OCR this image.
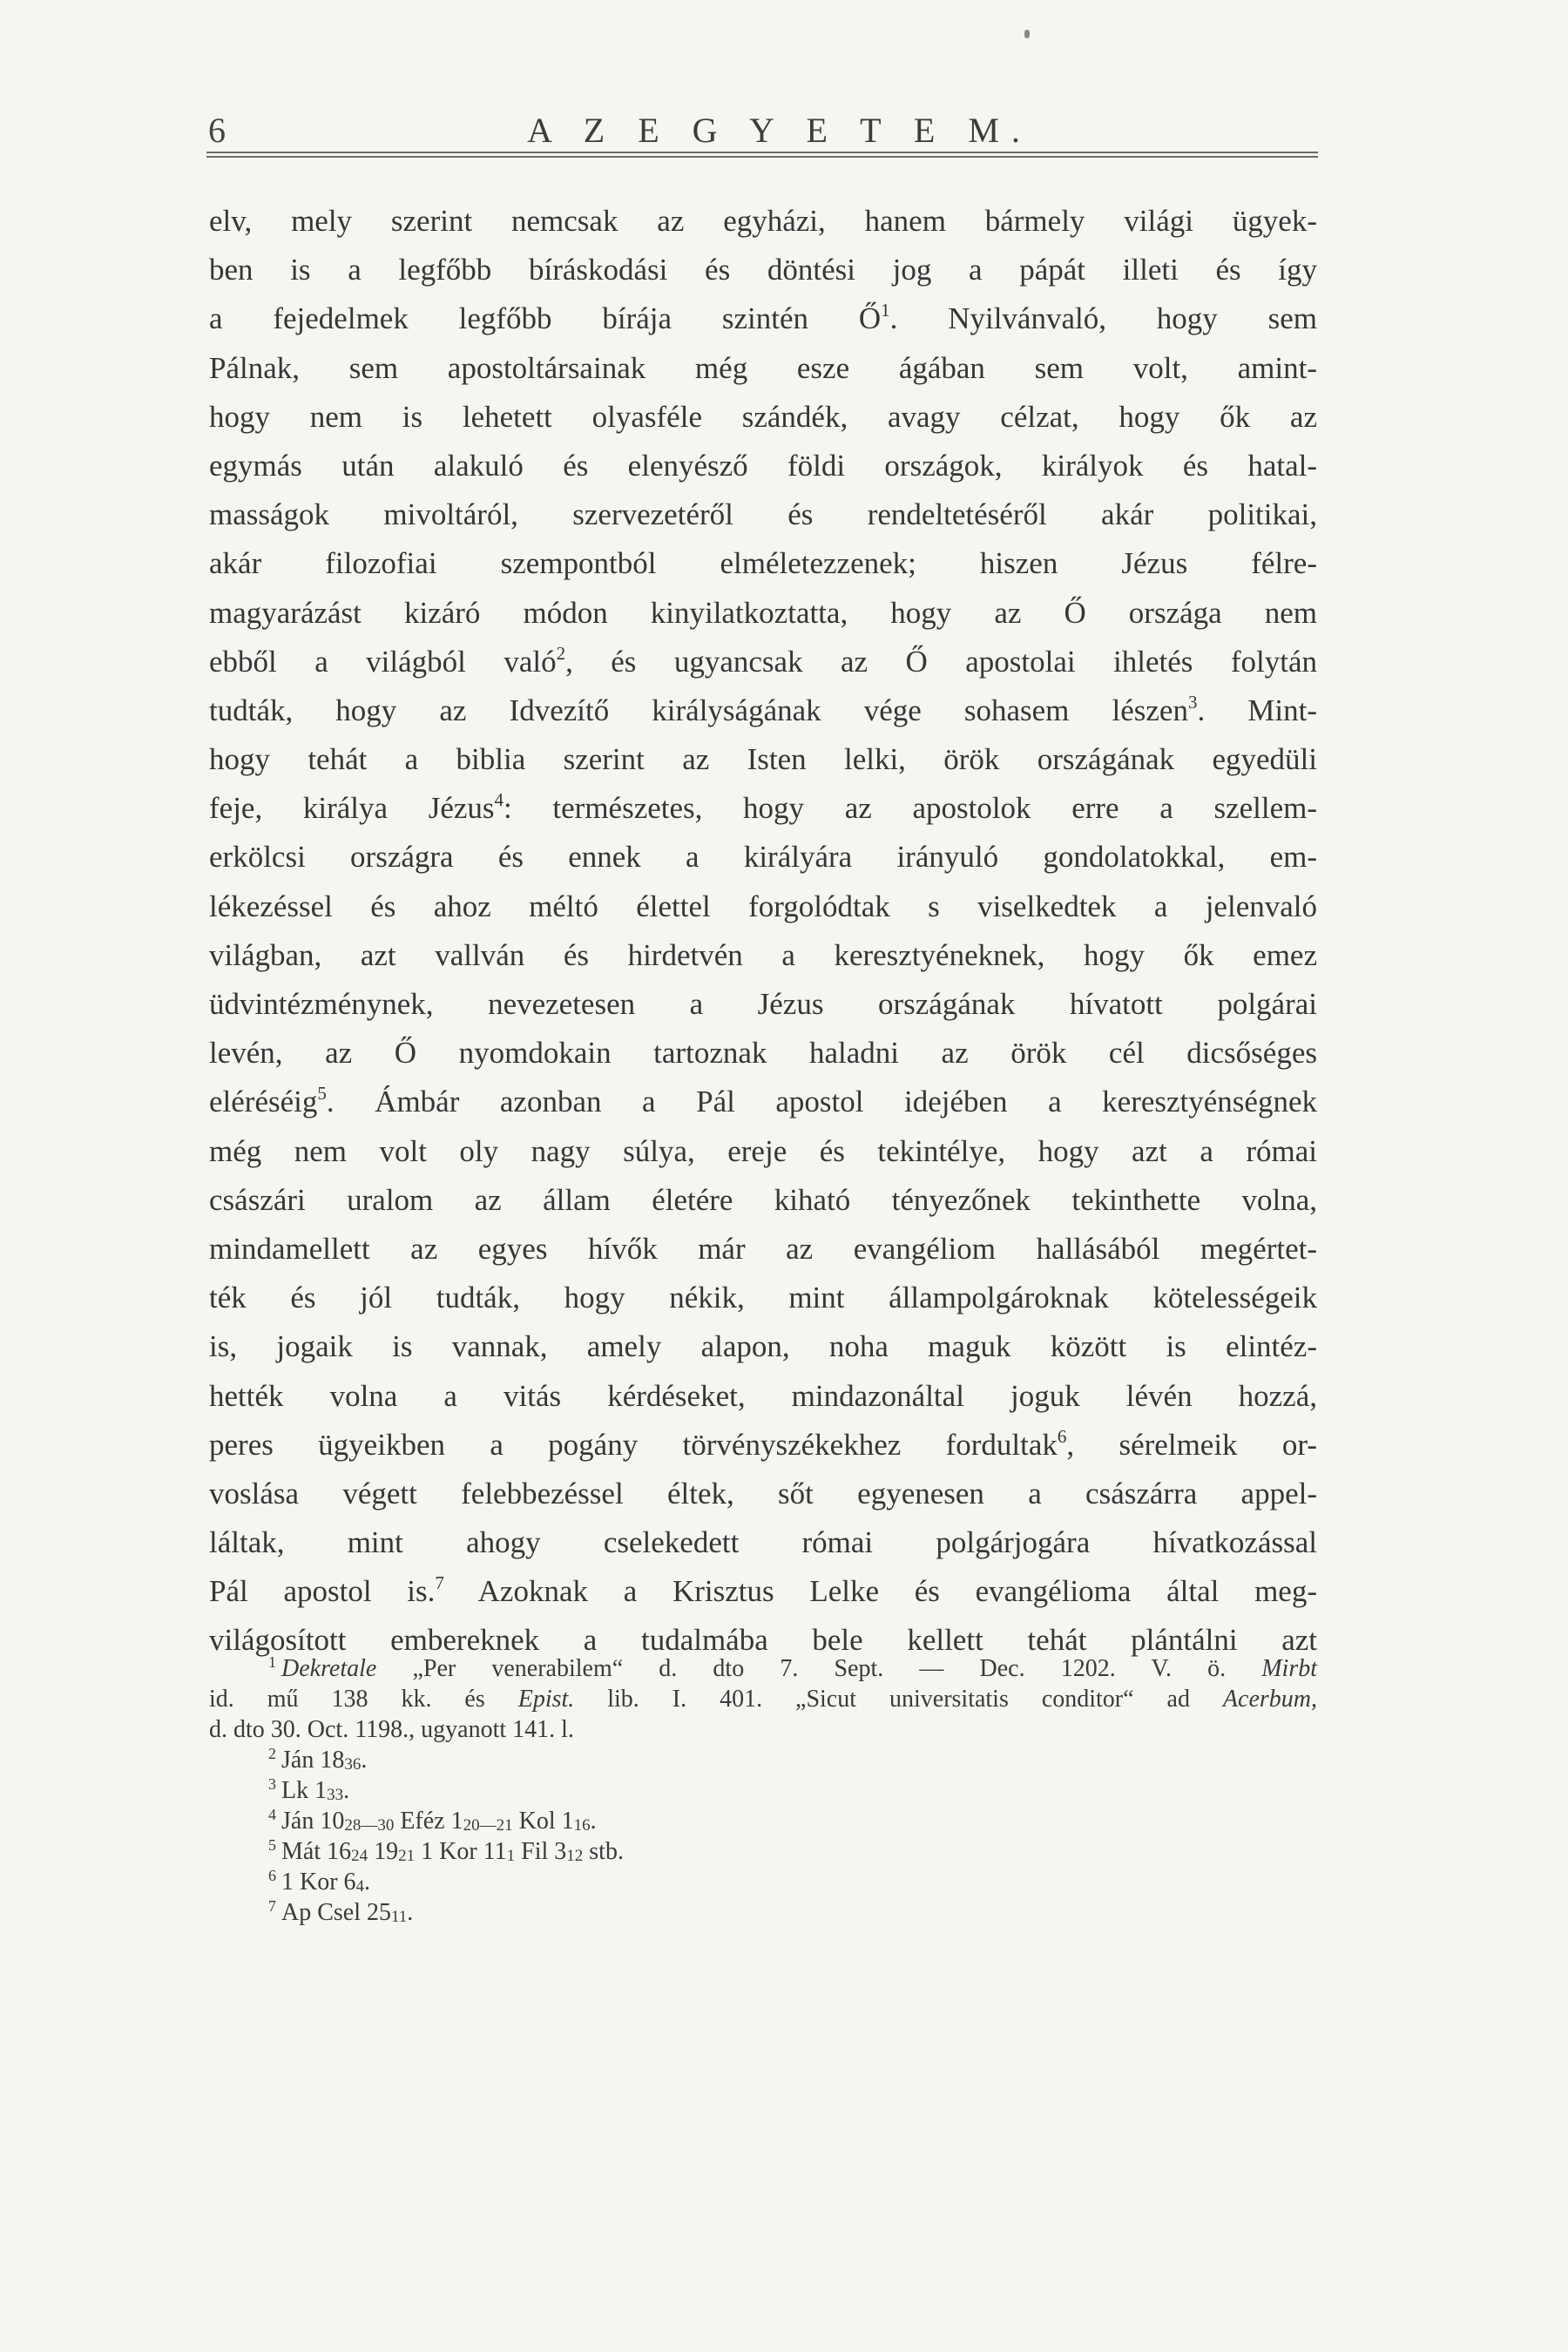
6	A Z E G Y E T E M.
elv, mely szerint nemcsak az egyházi, hanem bármely világi ügyek-
ben is a legfőbb bíráskodási és döntési jog a pápát illeti és így
a fejedelmek legfőbb bírája szintén $Ő^1$. Nyilvánvaló, hogy sem
Pálnak, sem apostoltársainak még esze ágában sem volt, amint-
hogy nem is lehetett olyasféle szándék, avagy célzat, hogy ők az
egymás után alakuló és elenyésző földi országok, királyok és hatal-
masságok mivoltáról, szervezetéről és rendeltetéséről akár politikai,
akár filozofiai szempontból elméletezzenek; hiszen Jézus félre-
magyarázást kizáró módon kinyilatkoztatta, hogy az Ő országa nem
ebből a világból való$^2$, és ugyancsak az Ő apostolai ihletés folytán
tudták, hogy az Idvezítő királyságának vége sohasem lészen$^3$. Mint-
hogy tehát a biblia szerint az Isten lelki, örök országának egyedüli
feje, királya Jézus$^4$: természetes, hogy az apostolok erre a szellem-
erkölcsi országra és ennek a királyára irányuló gondolatokkal, em-
lékezéssel és ahoz méltó élettel forgolódtak s viselkedtek a jelenvaló
világban, azt vallván és hirdetvén a keresztyéneknek, hogy ők emez
üdvintézménynek, nevezetesen a Jézus országának hívatott polgárai
levén, az Ő nyomdokain tartoznak haladni az örök cél dicsőséges
eléréséig$^5$. Ámbár azonban a Pál apostol idejében a keresztyénségnek
még nem volt oly nagy súlya, ereje és tekintélye, hogy azt a római
császári uralom az állam életére kiható tényezőnek tekinthette volna,
mindamellett az egyes hívők már az evangéliom hallásából megértet-
ték és jól tudták, hogy nékik, mint állampolgároknak kötelességeik
is, jogaik is vannak, amely alapon, noha maguk között is elintéz-
hették volna a vitás kérdéseket, mindazonáltal joguk lévén hozzá,
peres ügyeikben a pogány törvényszékekhez fordultak$^6$, sérelmeik or-
voslása végett felebbezéssel éltek, sőt egyenesen a császárra appel-
láltak, mint ahogy cselekedett római polgárjogára hívatkozással
Pál apostol is.$^7$ Azoknak a Krisztus Lelke és evangélioma által meg-
világosított embereknek a tudalmába bele kellett tehát plántálni azt
$^1$ Dekretale „Per venerabilem“ d. dto 7. Sept. — Dec. 1202. V. ö. Mirbt
id. mű 138 kk. és Epist. lib. I. 401. „Sicut universitatis conditor“ ad Acerbum,
d. dto 30. Oct. 1198., ugyanott 141. l.
$^2$ Ján 1836.
$^3$ Lk 133.
$^4$ Ján 1028—30 Eféz 120—21 Kol 116.
$^5$ Mát 1624 1921 1 Kor 111 Fil 312 stb.
$^6$ 1 Kor 64.
$^7$ Ap Csel 2511.
